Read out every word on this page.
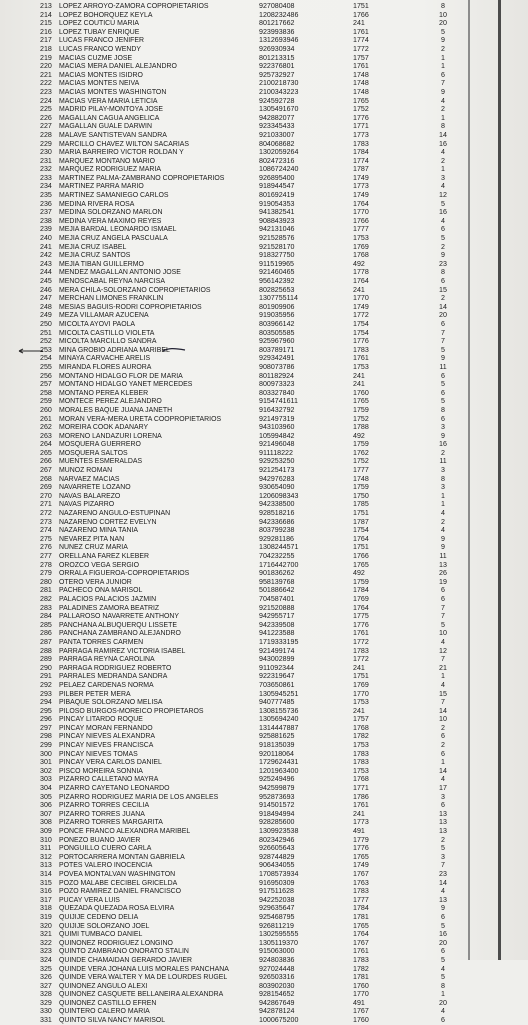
213	LOPEZ ARROYO-ZAMORA COPROPIETARIOS	927080408	1751	8
214	LOPEZ BOHORQUEZ KEYLA	1208232486	1766	10
215	LOPEZ COUTICU MARIA	801217662	241	20
216	LOPEZ TUBAY ENRIQUE	923993836	1761	5
217	LUCAS FRANCO JENIFER	1312693946	1774	9
218	LUCAS FRANCO WENDY	926930934	1772	2
219	MACIAS CUZME JOSE	801213315	1757	1
220	MACIAS MERA DANIEL ALEJANDRO	922376801	1761	1
221	MACIAS MONTES ISIDRO	925732927	1748	6
222	MACIAS MONTES NEIVA	2100218730	1748	7
223	MACIAS MONTES WASHINGTON	2100343223	1748	9
224	MACIAS VERA MARIA LETICIA	924592728	1765	4
225	MADRID PILAY-MONTOYA JOSE	1305491670	1752	2
226	MAGALLAN CAGUA ANGELICA	942882077	1776	1
227	MAGALLAN GUALE DARWIN	923345433	1771	8
228	MALAVE SANTISTEVAN SANDRA	921033007	1773	14
229	MARCILLO CHAVEZ WILTON SACARIAS	804068682	1783	16
230	MARIA BARREIRO VICTOR ROLDAN Y	1302059264	1784	4
231	MARQUEZ MONTANO MARIO	802472316	1774	2
232	MARQUEZ RODRIGUEZ MARIA	1086724240	1787	1
233	MARTINEZ PALMA-ZAMBRANO COPROPIETARIOS	926895400	1749	3
234	MARTINEZ PARRA MARIO	918944547	1773	4
235	MARTINEZ SAMANIEGO CARLOS	801692419	1749	12
236	MEDINA RIVERA ROSA	919054353	1764	5
237	MEDINA SOLORZANO MARLON	941382541	1770	16
238	MEDINA VERA MAXIMO REYES	908843923	1766	4
239	MEJIA BARDAL LEONARDO ISMAEL	942131046	1777	6
240	MEJIA CRUZ ANGELA PASCUALA	921528576	1753	5
241	MEJIA CRUZ ISABEL	921528170	1769	2
242	MEJIA CRUZ SANTOS	918327750	1768	9
243	MEJIA TIBAN GUILLERMO	911519965	492	23
244	MENDEZ MAGALLAN ANTONIO JOSE	921460465	1778	8
245	MENOSCABAL REYNA NARCISA	956142392	1764	6
246	MERA CHILA-SOLORZANO COPROPIETARIOS	802825653	241	15
247	MERCHAN LIMONES FRANKLIN	1307755114	1770	2
248	MESIAS BAGUIS-RODRI COPROPIETARIOS	801909906	1749	14
249	MEZA VILLAMAR AZUCENA	919035956	1772	20
250	MICOLTA AYOVI PAOLA	803966142	1754	6
251	MICOLTA CASTILLO VIOLETA	803505585	1754	7
252	MICOLTA MARCILLO SANDRA	925967960	1776	7
253	MINA GROBIO ADRIANA MARIBEL	803789171	1783	5
254	MINAYA CARVACHE ARELIS	929342491	1761	9
255	MIRANDA FLORES AURORA	908073786	1753	11
256	MONTANO HIDALGO FLOR DE MARIA	801182924	241	6
257	MONTANO HIDALGO YANET MERCEDES	800973323	241	5
258	MONTANO PEREA KLEBER	803327840	1760	6
259	MONTECE PEREZ ALEJANDRO	9154741611	1765	5
260	MORALES BAQUE JUANA JANETH	916432792	1759	8
261	MORAN VERA-MERA URETA COOPROPIETARIOS	921497319	1752	6
262	MOREIRA COOK ADANARY	943103960	1788	3
263	MORENO LANDAZURI LORENA	105994842	492	9
264	MOSQUERA GUERRERO	921496048	1759	16
265	MOSQUERA SALTOS	911118222	1762	2
266	MUENTES ESMERALDAS	929253250	1752	11
267	MUNOZ ROMAN	921254173	1777	3
268	NARVAEZ MACIAS	942976283	1748	8
269	NAVARRETE LOZANO	930654090	1759	3
270	NAVAS BALAREZO	1206098343	1750	1
271	NAVAS PIZARRO	942338500	1785	1
272	NAZARENO ANGULO-ESTUPINAN	928518216	1751	4
273	NAZARENO CORTEZ EVELYN	942336686	1787	2
274	NAZARENO MINA TANIA	803799238	1754	4
275	NEVAREZ PITA NAN	929281186	1764	9
276	NUNEZ CRUZ MARIA	1308244571	1751	9
277	ORELLANA FAREZ KLEBER	704232255	1766	11
278	OROZCO VEGA SERGIO	1716442700	1765	13
279	ORRALA FIGUEROA-COPROPIETARIOS	901836262	492	26
280	OTERO VERA JUNIOR	958139768	1759	19
281	PACHECO ONA MARISOL	501886642	1784	6
282	PALACIOS PALACIOS JAZMIN	704587401	1769	6
283	PALADINES ZAMORA BEATRIZ	921520888	1764	7
284	PALLAROSO NAVARRETE ANTHONY	942955717	1775	7
285	PANCHANA ALBUQUERQU LISSETE	942339508	1776	5
286	PANCHANA ZAMBRANO ALEJANDRO	941223588	1761	10
287	PANTA TORRES CARMEN	1719333195	1772	4
288	PARRAGA RAMIREZ VICTORIA ISABEL	921499174	1783	12
289	PARRAGA REYNA CAROLINA	943002899	1772	7
290	PARRAGA RODRIGUEZ ROBERTO	911092344	241	21
291	PARRALES MEDRANDA SANDRA	922319647	1751	1
292	PELAEZ CARDENAS NORMA	703650861	1769	4
293	PILBER PETER MERA	1305945251	1770	15
294	PIBAQUE SOLORZANO MELISA	940777485	1753	7
295	PILOSO BURGOS-MOREICO PROPIETAROS	1308155736	241	14
296	PINCAY LITARDO ROQUE	1305694240	1757	10
297	PINCAY MORAN FERNANDO	1314447887	1768	2
298	PINCAY NIEVES ALEXANDRA	925881625	1782	6
299	PINCAY NIEVES FRANCISCA	918135039	1753	2
300	PINCAY NIEVES TOMAS	920118064	1783	6
301	PINCAY VERA CARLOS DANIEL	1729624431	1783	1
302	PISCO MOREIRA SONNIA	1201963400	1753	14
303	PIZARRO CALLETANO MAYRA	925249496	1768	4
304	PIZARRO CAYETANO LEONARDO	942599879	1771	17
305	PIZARRO RODRIGUEZ MARIA DE LOS ANGELES	952873693	1786	3
306	PIZARRO TORRES CECILIA	914501572	1761	6
307	PIZARRO TORRES JUANA	918494994	241	13
308	PIZARRO TORRES MARGARITA	928285600	1773	13
309	PONCE FRANCO ALEXANDRA MARIBEL	1309923538	491	13
310	PONEZO BUANO JAVIER	802342946	1779	2
311	PONGUILLO CUERO CARLA	926605643	1776	5
312	PORTOCARRERA MONTAN GABRIELA	928744829	1765	3
313	POTES VALERO INOCENCIA	906434055	1749	7
314	POVEA MONTALVAN WASHINGTON	1708573934	1767	23
315	POZO MALABE CECIBEL GRICELDA	916950309	1763	14
316	POZO RAMIREZ DANIEL FRANCISCO	917511628	1783	4
317	PUCAY VERA LUIS	942252038	1777	13
318	QUEZADA QUEZADA ROSA ELVIRA	929635647	1784	9
319	QUIJIJE CEDENO DELIA	925468795	1781	6
320	QUIJIJE SOLORZANO JOEL	926811219	1765	5
321	QUIMI TUMBACO DANIEL	1302595555	1764	16
322	QUINONEZ RODRIGUEZ LONGINO	1305119370	1767	20
323	QUINTO ZAMBRANO ONORATO STALIN	915063000	1761	6
324	QUINDE CHAMAIDAN GERARDO JAVIER	924803836	1783	5
325	QUINDE VERA JOHANA LUIS MORALES PANCHANA	927024448	1782	4
326	QUINDE VERA WALTER Y MA DE LOURDES RUGEL	926503316	1781	5
327	QUINONEZ ANGULO ALEXI	803902030	1760	8
328	QUINONEZ CASQUETE BELLANEIRA ALEXANDRA	928154652	1770	1
329	QUINONEZ CASTILLO EFREN	942867649	491	20
330	QUINTERO CALERO MARIA	942878124	1767	4
331	QUINTO SILVA NANCY MARISOL	1000675200	1760	6
